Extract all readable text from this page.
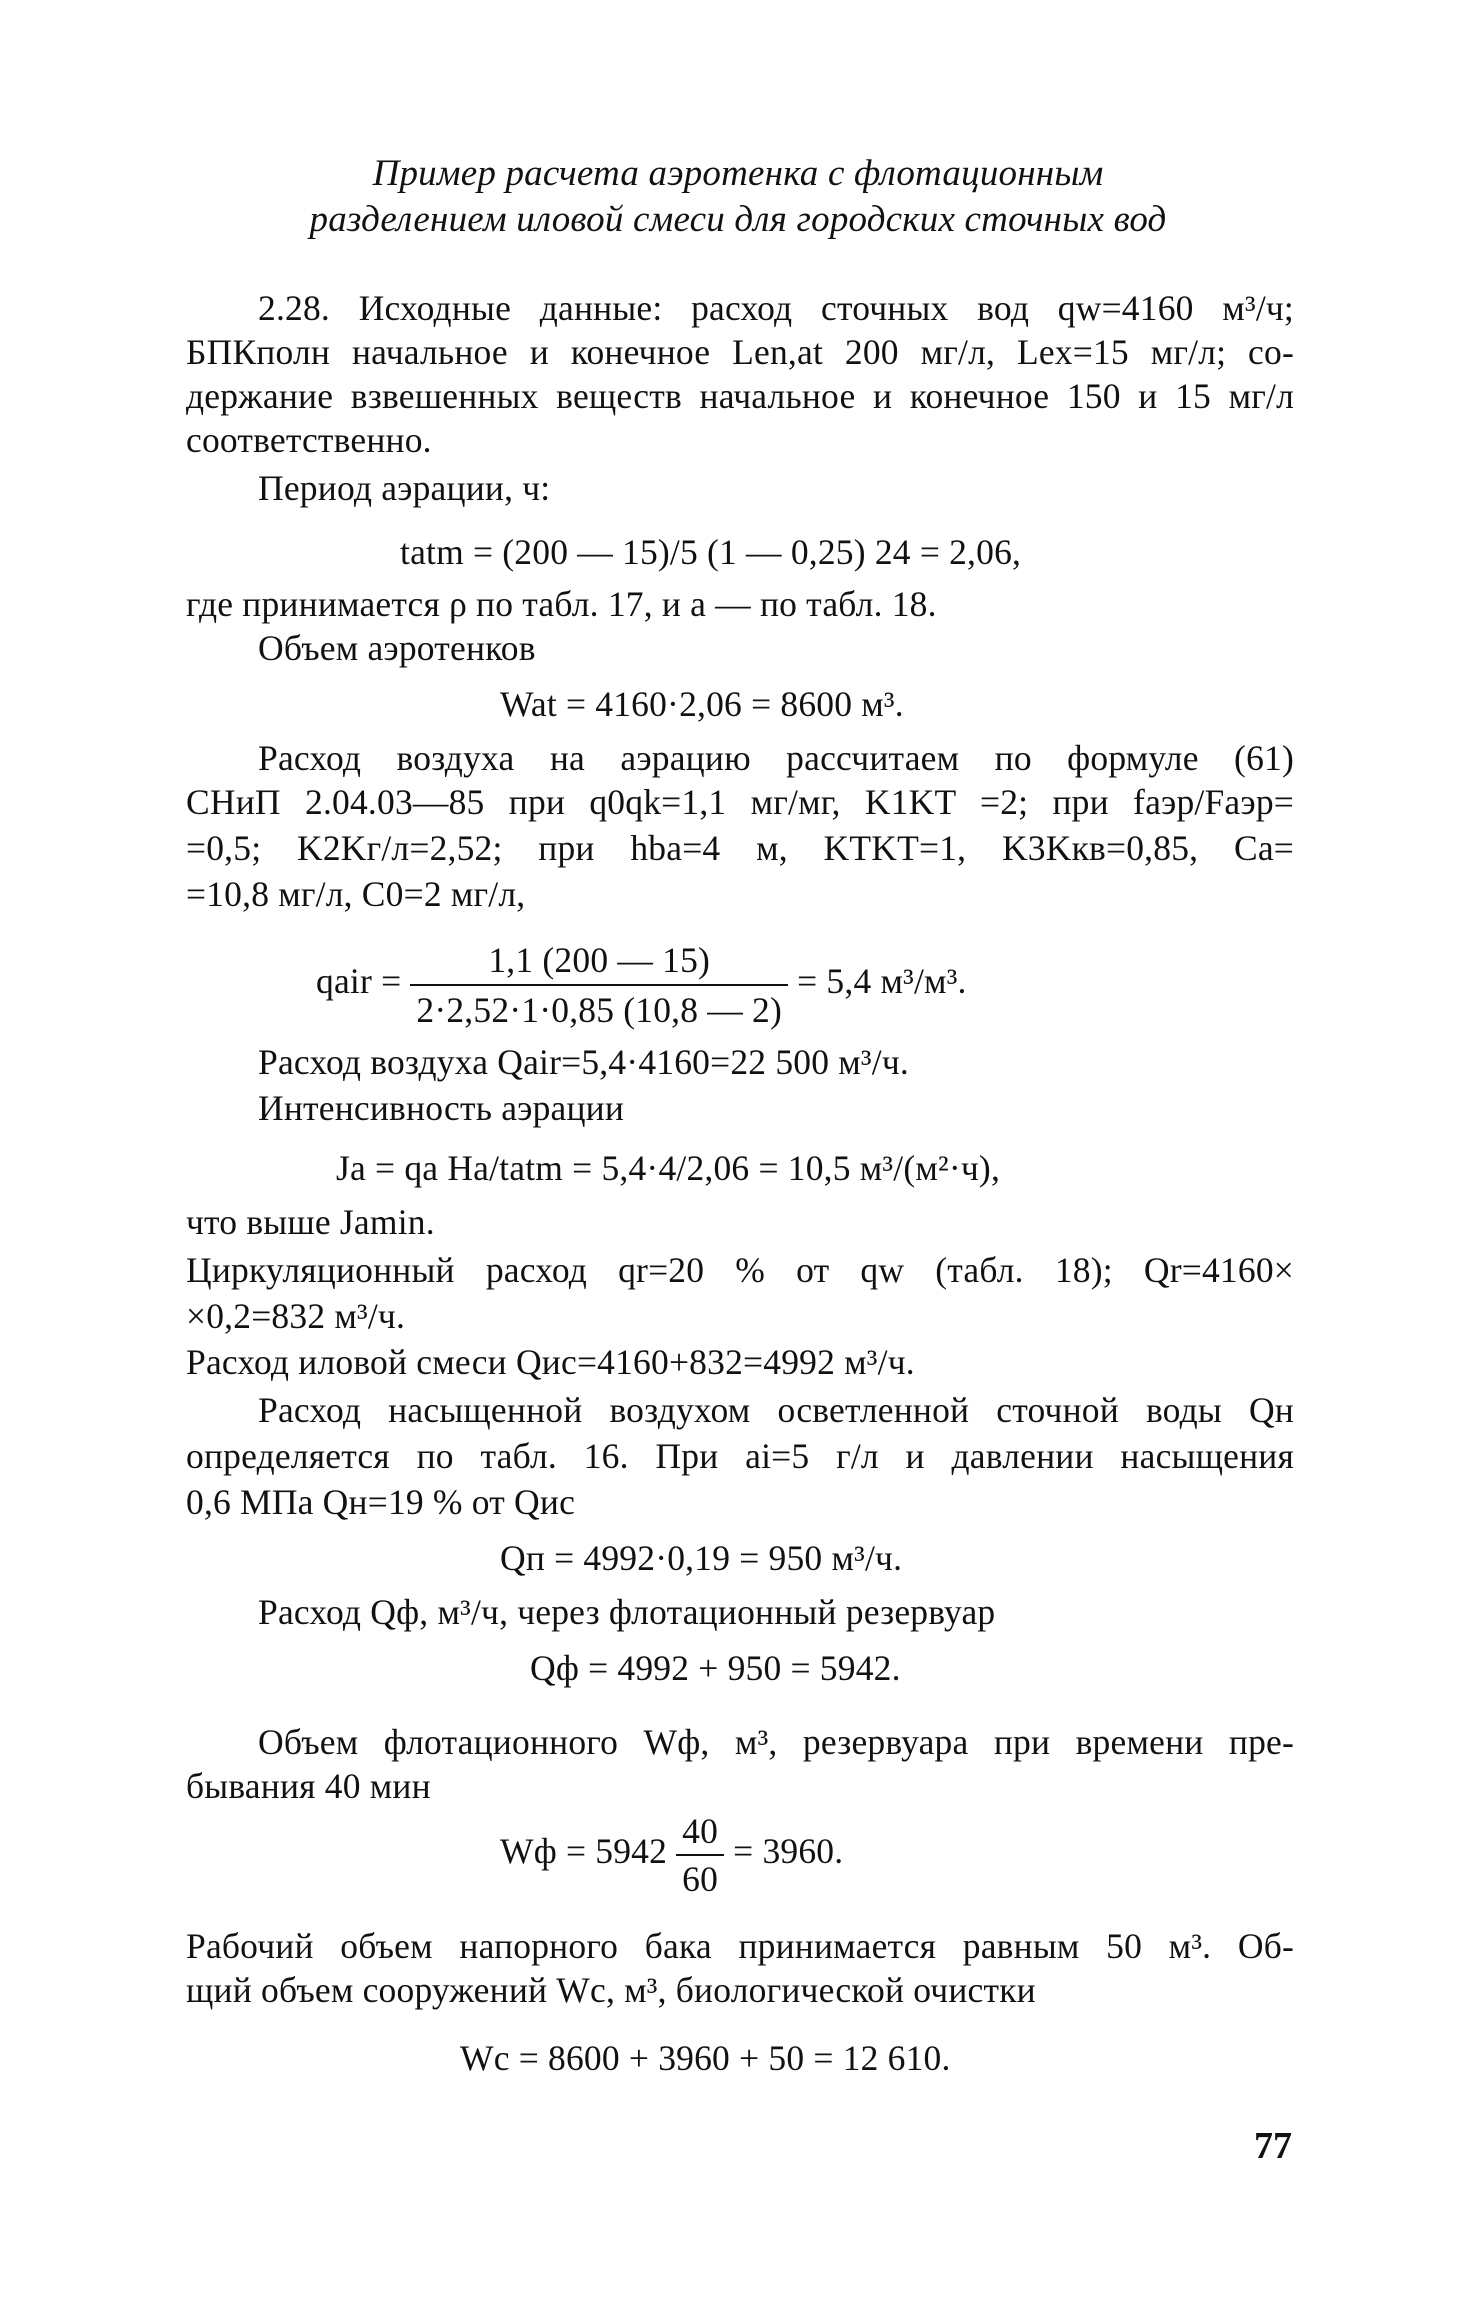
Пример расчета аэротенка с флотационным
разделением иловой смеси для городских сточных вод
2.28. Исходные данные: расход сточных вод qw=4160 м³/ч;
БПКполн начальное и конечное Len,at 200 мг/л, Lex=15 мг/л; со-
держание взвешенных веществ начальное и конечное 150 и 15 мг/л
соответственно.
Период аэрации, ч:
tatm = (200 — 15)/5 (1 — 0,25) 24 = 2,06,
где принимается ρ по табл. 17, и a — по табл. 18.
Объем аэротенков
Wat = 4160·2,06 = 8600 м³.
Расход воздуха на аэрацию рассчитаем по формуле (61)
СНиП 2.04.03—85 при q0qk=1,1 мг/мг, K1KT =2; при fаэр/Fаэр=
=0,5; K2Kг/л=2,52; при hba=4 м, KTKT=1, K3Kкв=0,85, Ca=
=10,8 мг/л, C0=2 мг/л,
qair = $\frac{1,1 (200 — 15)}{2\cdot 2,52\cdot 1\cdot 0,85 (10,8 — 2)} = 5,4$ м³/м³.
Расход воздуха Qair=5,4·4160=22 500 м³/ч.
Интенсивность аэрации
Ja = qa Ha/tatm = 5,4·4/2,06 = 10,5 м³/(м²·ч),
что выше Jamin.
Циркуляционный расход qr=20 % от qw (табл. 18); Qr=4160×
×0,2=832 м³/ч.
Расход иловой смеси Qис=4160+832=4992 м³/ч.
Расход насыщенной воздухом осветленной сточной воды Qн
определяется по табл. 16. При ai=5 г/л и давлении насыщения
0,6 МПа Qн=19 % от Qис
Qп = 4992·0,19 = 950 м³/ч.
Расход Qф, м³/ч, через флотационный резервуар
Qф = 4992 + 950 = 5942.
Объем флотационного Wф, м³, резервуара при времени пре-
бывания 40 мин
Wф = $5942 \frac{40}{60} = 3960$.
Рабочий объем напорного бака принимается равным 50 м³. Об-
щий объем сооружений Wc, м³, биологической очистки
Wc = 8600 + 3960 + 50 = 12 610.
77
